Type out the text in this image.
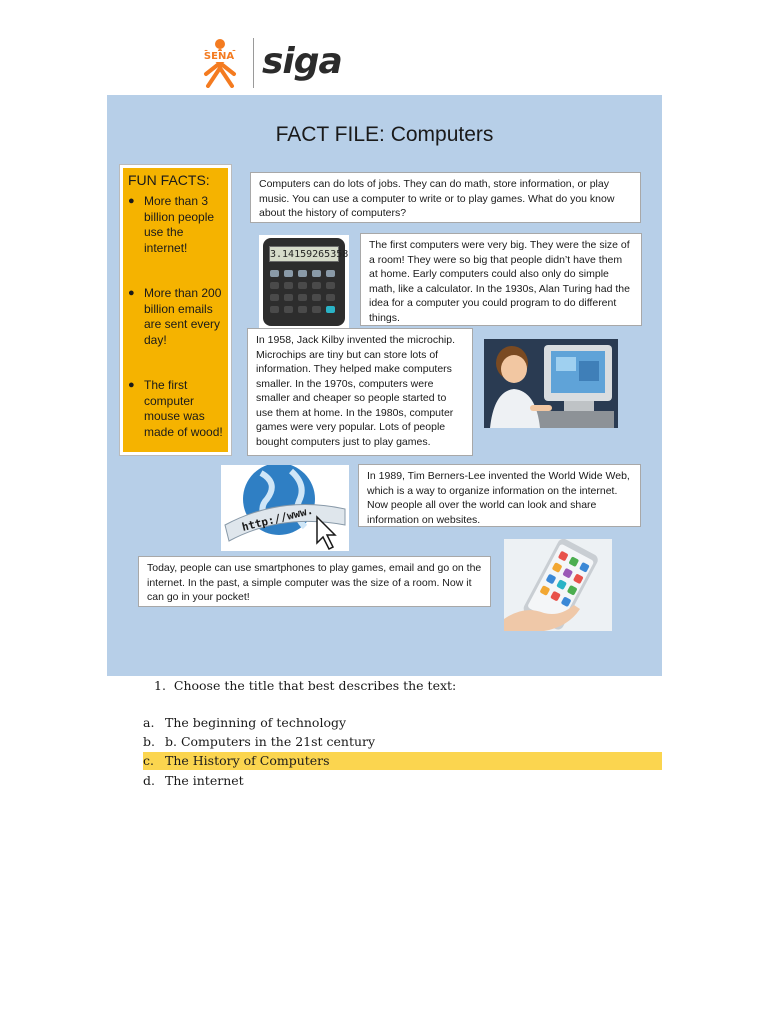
SENA siga
FACT FILE: Computers
FUN FACTS:
● More than 3 billion people use the internet!
● More than 200 billion emails are sent every day!
● The first computer mouse was made of wood!
Computers can do lots of jobs. They can do math, store information, or play music. You can use a computer to write or to play games. What do you know about the history of computers?
3.14159265358
The first computers were very big. They were the size of a room! They were so big that people didn’t have them at home. Early computers could also only do simple math, like a calculator. In the 1930s, Alan Turing had the idea for a computer you could program to do different things.
In 1958, Jack Kilby invented the microchip. Microchips are tiny but can store lots of information. They helped make computers smaller. In the 1970s, computers were smaller and cheaper so people started to use them at home. In the 1980s, computer games were very popular. Lots of people bought computers just to play games.
http://www.
In 1989, Tim Berners-Lee invented the World Wide Web, which is a way to organize information on the internet. Now people all over the world can look and share information on websites.
Today, people can use smartphones to play games, email and go on the internet. In the past, a simple computer was the size of a room. Now it can go in your pocket!
1. Choose the title that best describes the text:
a. The beginning of technology
b. b. Computers in the 21st century
c. The History of Computers
d. The internet
